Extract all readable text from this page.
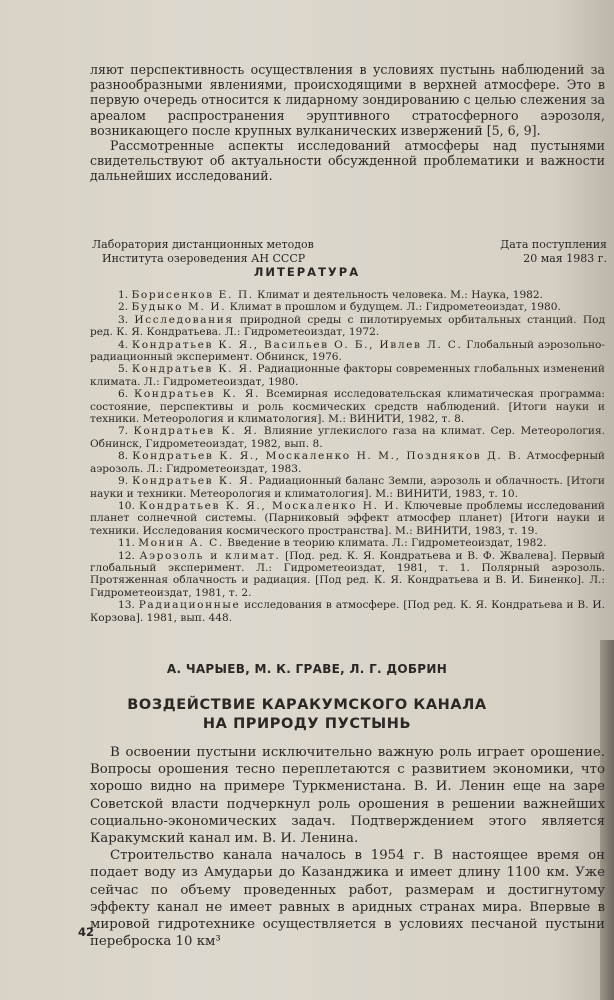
ляют перспективность осуществления в условиях пустынь наблюдений за разнообразными явлениями, происходящими в верхней атмосфере. Это в первую очередь относится к лидарному зондированию с целью слежения за ареалом распространения эруптивного стратосферного аэрозоля, возникающего после крупных вулканических извержений [5, 6, 9].

Рассмотренные аспекты исследований атмосферы над пустынями свидетельствуют об актуальности обсужденной проблематики и важности дальнейших исследований.

Лаборатория дистанционных методов
Института озероведения АН СССР
Дата поступления
20 мая 1983 г.
ЛИТЕРАТУРА

1. Борисенков Е. П. Климат и деятельность человека. М.: Наука, 1982.

2. Будыко М. И. Климат в прошлом и будущем. Л.: Гидрометеоиздат, 1980.

3. Исследования природной среды с пилотируемых орбитальных станций. Под ред. К. Я. Кондратьева. Л.: Гидрометеоиздат, 1972.

4. Кондратьев К. Я., Васильев О. Б., Ивлев Л. С. Глобальный аэрозольно-радиационный эксперимент. Обнинск, 1976.

5. Кондратьев К. Я. Радиационные факторы современных глобальных изменений климата. Л.: Гидрометеоиздат, 1980.

6. Кондратьев К. Я. Всемирная исследовательская климатическая программа: состояние, перспективы и роль космических средств наблюдений. [Итоги науки и техники. Метеорология и климатология]. М.: ВИНИТИ, 1982, т. 8.

7. Кондратьев К. Я. Влияние углекислого газа на климат. Сер. Метеорология. Обнинск, Гидрометеоиздат, 1982, вып. 8.

8. Кондратьев К. Я., Москаленко Н. М., Поздняков Д. В. Атмосферный аэрозоль. Л.: Гидрометеоиздат, 1983.

9. Кондратьев К. Я. Радиационный баланс Земли, аэрозоль и облачность. [Итоги науки и техники. Метеорология и климатология]. М.: ВИНИТИ, 1983, т. 10.

10. Кондратьев К. Я., Москаленко Н. И. Ключевые проблемы исследований планет солнечной системы. (Парниковый эффект атмосфер планет) [Итоги науки и техники. Исследования космического пространства]. М.: ВИНИТИ, 1983, т. 19.

11. Монин А. С. Введение в теорию климата. Л.: Гидрометеоиздат, 1982.

12. Аэрозоль и климат. [Под. ред. К. Я. Кондратьева и В. Ф. Жвалева]. Первый глобальный эксперимент. Л.: Гидрометеоиздат, 1981, т. 1. Полярный аэрозоль. Протяженная облачность и радиация. [Под ред. К. Я. Кондратьева и В. И. Биненко]. Л.: Гидрометеоиздат, 1981, т. 2.

13. Радиационные исследования в атмосфере. [Под ред. К. Я. Кондратьева и В. И. Корзова]. 1981, вып. 448.

А. ЧАРЫЕВ, М. К. ГРАВЕ, Л. Г. ДОБРИН
ВОЗДЕЙСТВИЕ КАРАКУМСКОГО КАНАЛА
НА ПРИРОДУ ПУСТЫНЬ

В освоении пустыни исключительно важную роль играет орошение. Вопросы орошения тесно переплетаются с развитием экономики, что хорошо видно на примере Туркменистана. В. И. Ленин еще на заре Советской власти подчеркнул роль орошения в решении важнейших социально-экономических задач. Подтверждением этого является Каракумский канал им. В. И. Ленина.

Строительство канала началось в 1954 г. В настоящее время он подает воду из Амударьи до Казанджика и имеет длину 1100 км. Уже сейчас по объему проведенных работ, размерам и достигнутому эффекту канал не имеет равных в аридных странах мира. Впервые в мировой гидротехнике осуществляется в условиях песчаной пустыни переброска 10 км³

42
